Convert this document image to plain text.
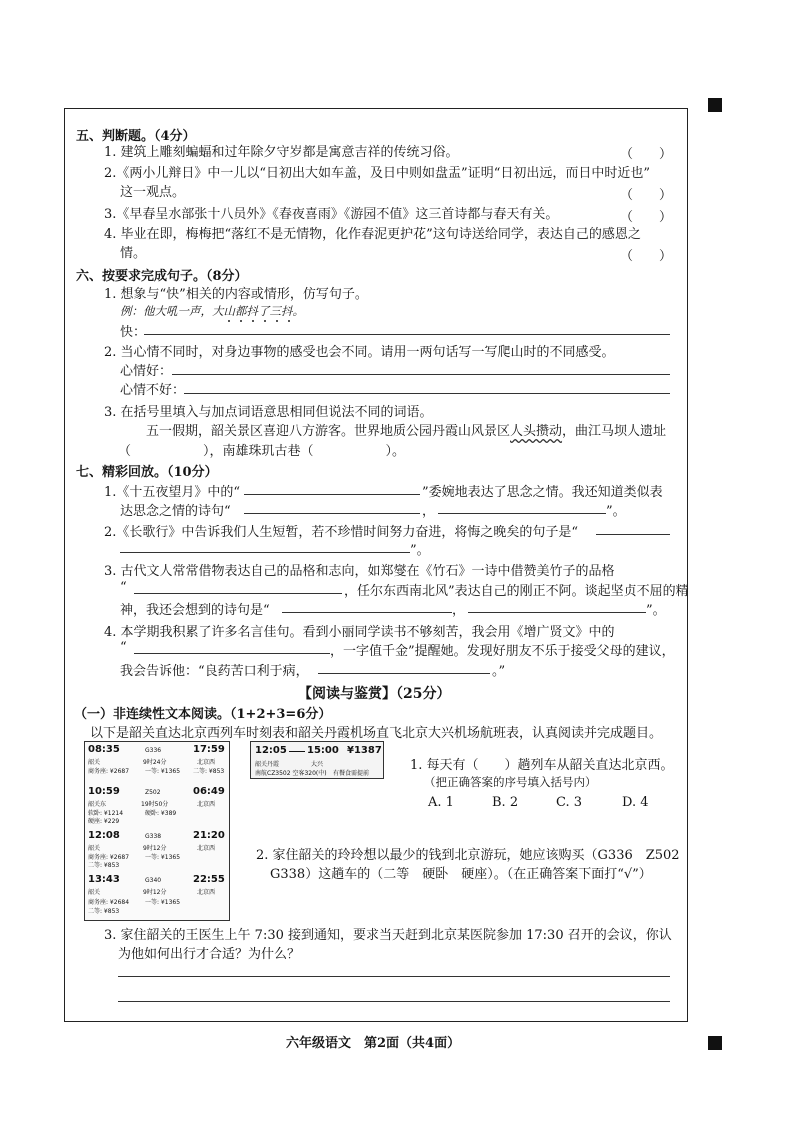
五、判断题。（4分）
1. 建筑上雕刻蝙蝠和过年除夕守岁都是寓意吉祥的传统习俗。	（　　）
2.《两小儿辩日》中一儿以“日初出大如车盖，及日中则如盘盂”证明“日初出远，而日中时近也”
这一观点。	（　　）
3.《早春呈水部张十八员外》《春夜喜雨》《游园不值》这三首诗都与春天有关。	（　　）
4. 毕业在即，梅梅把“落红不是无情物，化作春泥更护花”这句诗送给同学，表达自己的感恩之
情。	（　　）
六、按要求完成句子。（8分）
1. 想象与“快”相关的内容或情形，仿写句子。
例：他大吼一声，大山都抖了三抖。
快：
2. 当心情不同时，对身边事物的感受也会不同。请用一两句话写一写爬山时的不同感受。
心情好：
心情不好：
3. 在括号里填入与加点词语意思相同但说法不同的词语。
五一假期，韶关景区喜迎八方游客。世界地质公园丹霞山风景区人头攒动，曲江马坝人遗址
（	），南雄珠玑古巷（	）。
七、精彩回放。（10分）
1.《十五夜望月》中的“	”委婉地表达了思念之情。我还知道类似表
达思念之情的诗句“	，	”。
2.《长歌行》中告诉我们人生短暂，若不珍惜时间努力奋进，将悔之晚矣的句子是“
”。
3. 古代文人常常借物表达自己的品格和志向，如郑燮在《竹石》一诗中借赞美竹子的品格
“	，任尔东西南北风”表达自己的刚正不阿。谈起坚贞不屈的精
神，我还会想到的诗句是“	，	”。
4. 本学期我积累了许多名言佳句。看到小丽同学读书不够刻苦，我会用《增广贤文》中的
“	，一字值千金”提醒她。发现好朋友不乐于接受父母的建议，
我会告诉他：“良药苦口利于病，	。”
【阅读与鉴赏】（25分）
（一）非连续性文本阅读。（1+2+3=6分）
以下是韶关直达北京西列车时刻表和韶关丹霞机场直飞北京大兴机场航班表，认真阅读并完成题目。
08:35	G336	17:59
韶关	9时24分	北京西
商务座: ¥2687	一等: ¥1365 二等: ¥853
10:59	Z502	06:49
韶关东	19时50分	北京西
软卧: ¥1214	硬卧: ¥389
硬座: ¥229
12:08	G338	21:20
韶关	9时12分	北京西
商务座: ¥2687	一等: ¥1365
二等: ¥853
13:43	G340	22:55
韶关	9时12分	北京西
商务座: ¥2684	一等: ¥1365
二等: ¥853
12:05 15:00 ¥1387
韶关丹霞	大兴
南航CZ3502 空客320(中) 有餐食需提前
1. 每天有（　　）趟列车从韶关直达北京西。
（把正确答案的序号填入括号内）
A. 1	B. 2	C. 3	D. 4
2. 家住韶关的玲玲想以最少的钱到北京游玩，她应该购买（G336　Z502
G338）这趟车的（二等　硬卧　硬座）。（在正确答案下面打“√”）
3. 家住韶关的王医生上午 7:30 接到通知，要求当天赶到北京某医院参加 17:30 召开的会议，你认
为他如何出行才合适？为什么？
六年级语文　第2面（共4面）
